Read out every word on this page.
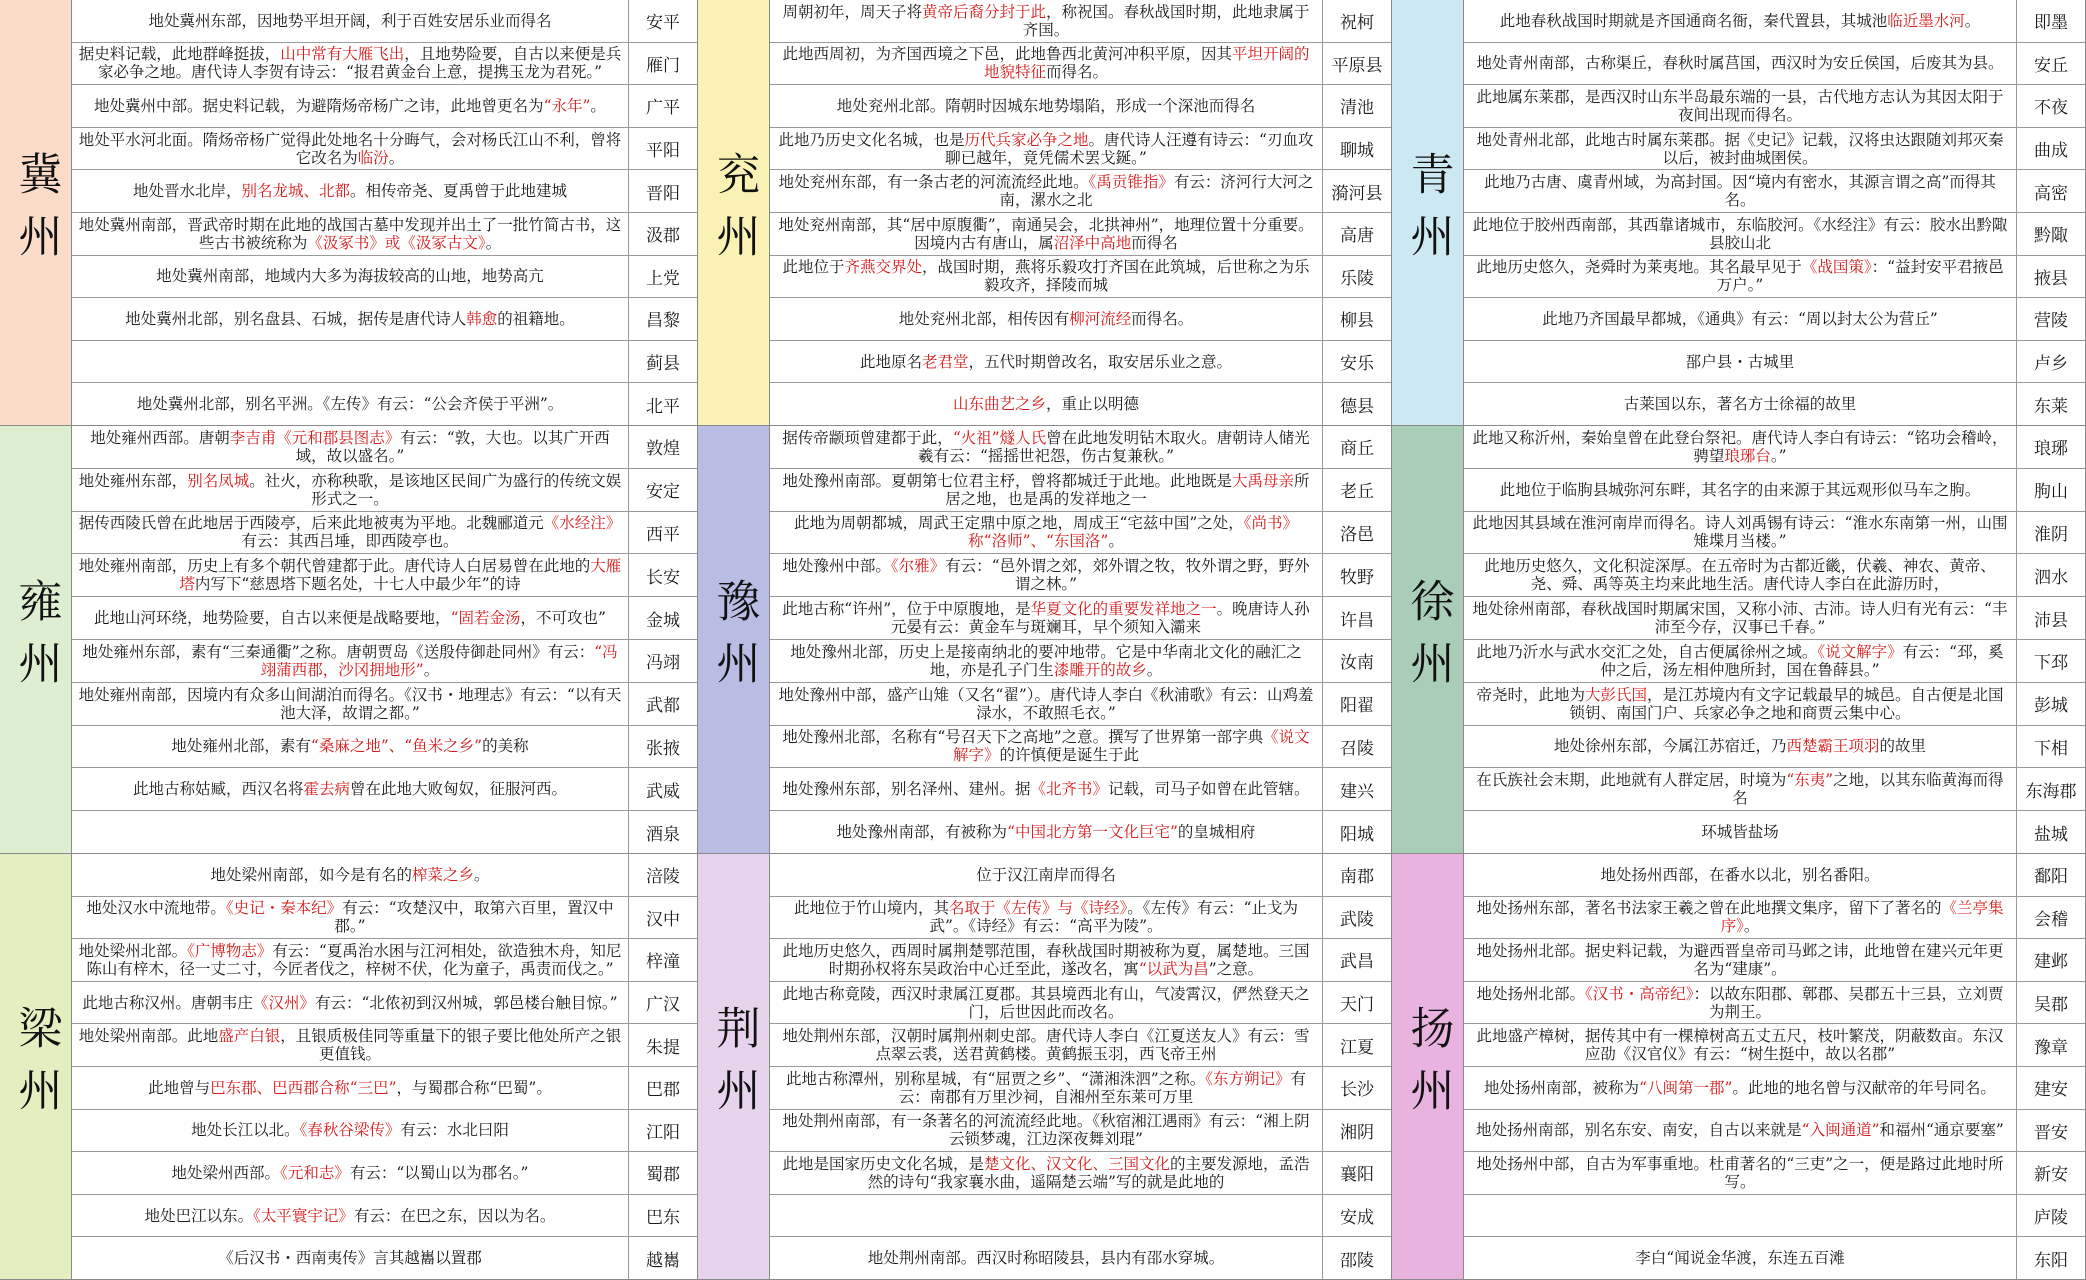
冀州
地处冀州东部，因地势平坦开阔，利于百姓安居乐业而得名	安平
据史料记载，此地群峰挺拔，山中常有大雁飞出，且地势险要，自古以来便是兵家必争之地。唐代诗人李贺有诗云：“报君黄金台上意，提携玉龙为君死。”	雁门
地处冀州中部。据史料记载，为避隋炀帝杨广之讳，此地曾更名为“永年”。	广平
地处平水河北面。隋炀帝杨广觉得此处地名十分晦气，会对杨氏江山不利，曾将它改名为临汾。	平阳
地处晋水北岸，别名龙城、北都。相传帝尧、夏禹曾于此地建城	晋阳
地处冀州南部，晋武帝时期在此地的战国古墓中发现并出土了一批竹简古书，这些古书被统称为《汲冢书》或《汲冢古文》。	汲郡
地处冀州南部，地域内大多为海拔较高的山地，地势高亢	上党
地处冀州北部，别名盘县、石城，据传是唐代诗人韩愈的祖籍地。	昌黎
蓟县
地处冀州北部，别名平洲。《左传》有云：“公会齐侯于平洲”。	北平
兖州
周朝初年，周天子将黄帝后裔分封于此，称祝国。春秋战国时期，此地隶属于齐国。	祝柯
此地西周初，为齐国西境之下邑，此地鲁西北黄河冲积平原，因其平坦开阔的地貌特征而得名。	平原县
地处兖州北部。隋朝时因城东地势塌陷，形成一个深池而得名	清池
此地乃历史文化名城，也是历代兵家必争之地。唐代诗人汪遵有诗云：“刃血攻聊已越年，竟凭儒术罢戈鋋。”	聊城
地处兖州东部，有一条古老的河流流经此地。《禹贡锥指》有云：济河行大河之南，漯水之北	漪河县
地处兖州南部，其“居中原腹衢”，南通吴会，北拱神州”，地理位置十分重要。因境内古有唐山，属沼泽中高地而得名	高唐
此地位于齐燕交界处，战国时期，燕将乐毅攻打齐国在此筑城，后世称之为乐毅攻齐，择陵而城	乐陵
地处兖州北部，相传因有柳河流经而得名。	柳县
此地原名老君堂，五代时期曾改名，取安居乐业之意。	安乐
山东曲艺之乡，重止以明德	德县
青州
此地春秋战国时期就是齐国通商名衙，秦代置县，其城池临近墨水河。	即墨
地处青州南部，古称渠丘，春秋时属莒国，西汉时为安丘侯国，后废其为县。	安丘
此地属东莱郡，是西汉时山东半岛最东端的一县，古代地方志认为其因太阳于夜间出现而得名。	不夜
地处青州北部，此地古时属东莱郡。据《史记》记载，汉将虫达跟随刘邦灭秦以后，被封曲城圉侯。	曲成
此地乃古唐、虞青州域，为高封国。因“境内有密水，其源言谓之高”而得其名。	高密
此地位于胶州西南部，其西靠诸城市，东临胶河。《水经注》有云：胶水出黔陬县胶山北	黔陬
此地历史悠久，尧舜时为莱夷地。其名最早见于《战国策》：“益封安平君掖邑万户。”	掖县
此地乃齐国最早都城，《通典》有云：“周以封太公为营丘”	营陵
郚户县・古城里	卢乡
古莱国以东，著名方士徐福的故里	东莱
雍州
地处雍州西部。唐朝李吉甫《元和郡县图志》有云：“敦，大也。以其广开西域，故以盛名。”	敦煌
地处雍州东部，别名凤城。社火，亦称秧歌，是该地区民间广为盛行的传统文娱形式之一。	安定
据传西陵氏曾在此地居于西陵亭，后来此地被夷为平地。北魏郦道元《水经注》有云：其西吕埵，即西陵亭也。	西平
地处雍州南部，历史上有多个朝代曾建都于此。唐代诗人白居易曾在此地的大雁塔内写下“慈恩塔下题名处，十七人中最少年”的诗	长安
此地山河环绕，地势险要，自古以来便是战略要地，“固若金汤，不可攻也”	金城
地处雍州东部，素有“三秦通衢”之称。唐朝贾岛《送殷侍御赴同州》有云：“冯翊蒲西郡，沙冈拥地形”。	冯翊
地处雍州南部，因境内有众多山间湖泊而得名。《汉书・地理志》有云：“以有天池大泽，故谓之都。”	武都
地处雍州北部，素有“桑麻之地”、“鱼米之乡”的美称	张掖
此地古称姑臧，西汉名将霍去病曾在此地大败匈奴，征服河西。	武威
酒泉
豫州
据传帝颛顼曾建都于此，“火祖”燧人氏曾在此地发明钻木取火。唐朝诗人储光羲有云：“摇摇世祀怨，伤古复兼秋。”	商丘
地处豫州南部。夏朝第七位君主杼，曾将都城迁于此地。此地既是大禹母亲所居之地，也是禹的发祥地之一	老丘
此地为周朝都城，周武王定鼎中原之地，周成王“宅兹中国”之处，《尚书》称“洛师”、“东国洛”。	洛邑
地处豫州中部。《尔雅》有云：“邑外谓之郊，郊外谓之牧，牧外谓之野，野外谓之林。”	牧野
此地古称“许州”，位于中原腹地，是华夏文化的重要发祥地之一。晚唐诗人孙元晏有云：黄金车与斑斓耳，早个须知入灞来	许昌
地处豫州北部，历史上是接南纳北的要冲地带。它是中华南北文化的融汇之地，亦是孔子门生漆雕开的故乡。	汝南
地处豫州中部，盛产山雉（又名“翟”）。唐代诗人李白《秋浦歌》有云：山鸡羞渌水，不敢照毛衣。”	阳翟
地处豫州北部，名称有“号召天下之高地”之意。撰写了世界第一部字典《说文解字》的许慎便是诞生于此	召陵
地处豫州东部，别名泽州、建州。据《北齐书》记载，司马子如曾在此管辖。	建兴
地处豫州南部，有被称为“中国北方第一文化巨宅”的皇城相府	阳城
徐州
此地又称沂州，秦始皇曾在此登台祭祀。唐代诗人李白有诗云：“铭功会稽岭，骋望琅琊台。”	琅琊
此地位于临朐县城弥河东畔，其名字的由来源于其远观形似马车之朐。	朐山
此地因其县域在淮河南岸而得名。诗人刘禹锡有诗云：“淮水东南第一州，山围雉堞月当楼。”	淮阴
此地历史悠久，文化积淀深厚。在五帝时为古都近畿，伏羲、神农、黄帝、尧、舜、禹等英主均来此地生活。唐代诗人李白在此游历时，	泗水
地处徐州南部，春秋战国时期属宋国，又称小沛、古沛。诗人归有光有云：“丰沛至今存，汉事已千春。”	沛县
此地乃沂水与武水交汇之处，自古便属徐州之域。《说文解字》有云：“邳，奚仲之后，汤左相仲虺所封，国在鲁薛县。”	下邳
帝尧时，此地为大彭氏国，是江苏境内有文字记载最早的城邑。自古便是北国锁钥、南国门户、兵家必争之地和商贾云集中心。	彭城
地处徐州东部，今属江苏宿迁，乃西楚霸王项羽的故里	下相
在氏族社会末期，此地就有人群定居，时境为“东夷”之地，以其东临黄海而得名	东海郡
环城皆盐场	盐城
梁州
地处梁州南部，如今是有名的榨菜之乡。	涪陵
地处汉水中流地带。《史记・秦本纪》有云：“攻楚汉中，取第六百里，置汉中郡。”	汉中
地处梁州北部。《广博物志》有云：“夏禹治水困与江河相处，欲造独木舟，知尼陈山有梓木，径一丈二寸，今匠者伐之，梓树不伏，化为童子，禹责而伐之。”	梓潼
此地古称汉州。唐朝韦庄《汉州》有云：“北侬初到汉州城，郭邑楼台触目惊。”	广汉
地处梁州南部。此地盛产白银，且银质极佳同等重量下的银子要比他处所产之银更值钱。	朱提
此地曾与巴东郡、巴西郡合称“三巴”，与蜀郡合称“巴蜀”。	巴郡
地处长江以北。《春秋谷梁传》有云：水北曰阳	江阳
地处梁州西部。《元和志》有云：“以蜀山以为郡名。”	蜀郡
地处巴江以东。《太平寰宇记》有云：在巴之东，因以为名。	巴东
《后汉书・西南夷传》言其越巂以置郡	越巂
荆州
位于汉江南岸而得名	南郡
此地位于竹山境内，其名取于《左传》与《诗经》。《左传》有云：“止戈为武”。《诗经》有云：“高平为陵”。	武陵
此地历史悠久，西周时属荆楚鄂范围，春秋战国时期被称为夏，属楚地。三国时期孙权将东吴政治中心迁至此，遂改名，寓“以武为昌”之意。	武昌
此地古称竟陵，西汉时隶属江夏郡。其县境西北有山，气凌霄汉，俨然登天之门，后世因此而改名。	天门
地处荆州东部，汉朝时属荆州刺史部。唐代诗人李白《江夏送友人》有云：雪点翠云裘，送君黄鹤楼。黄鹤振玉羽，西飞帝王州	江夏
此地古称潭州，别称星城，有“屈贾之乡”、“潇湘洙泗”之称。《东方朔记》有云：南郡有万里沙祠，自湘州至东莱可万里	长沙
地处荆州南部，有一条著名的河流流经此地。《秋宿湘江遇雨》有云：“湘上阴云锁梦魂，江边深夜舞刘琨”	湘阴
此地是国家历史文化名城，是楚文化、汉文化、三国文化的主要发源地，孟浩然的诗句“我家襄水曲，遥隔楚云端”写的就是此地的	襄阳
安成
地处荆州南部。西汉时称昭陵县，县内有邵水穿城。	邵陵
扬州
地处扬州西部，在番水以北，别名番阳。	鄱阳
地处扬州东部，著名书法家王羲之曾在此地撰文集序，留下了著名的《兰亭集序》。	会稽
地处扬州北部。据史料记载，为避西晋皇帝司马邺之讳，此地曾在建兴元年更名为“建康”。	建邺
地处扬州北部。《汉书・高帝纪》：以故东阳郡、鄣郡、吴郡五十三县，立刘贾为荆王。	吴郡
此地盛产樟树，据传其中有一棵樟树高五丈五尺，枝叶繁茂，阴蔽数亩。东汉应劭《汉官仪》有云：“树生挺中，故以名郡”	豫章
地处扬州南部，被称为“八闽第一郡”。此地的地名曾与汉献帝的年号同名。	建安
地处扬州南部，别名东安、南安，自古以来就是“入闽通道”和福州“通京要塞”	晋安
地处扬州中部，自古为军事重地。杜甫著名的“三吏”之一，便是路过此地时所写。	新安
庐陵
李白“闻说金华渡，东连五百滩	东阳
